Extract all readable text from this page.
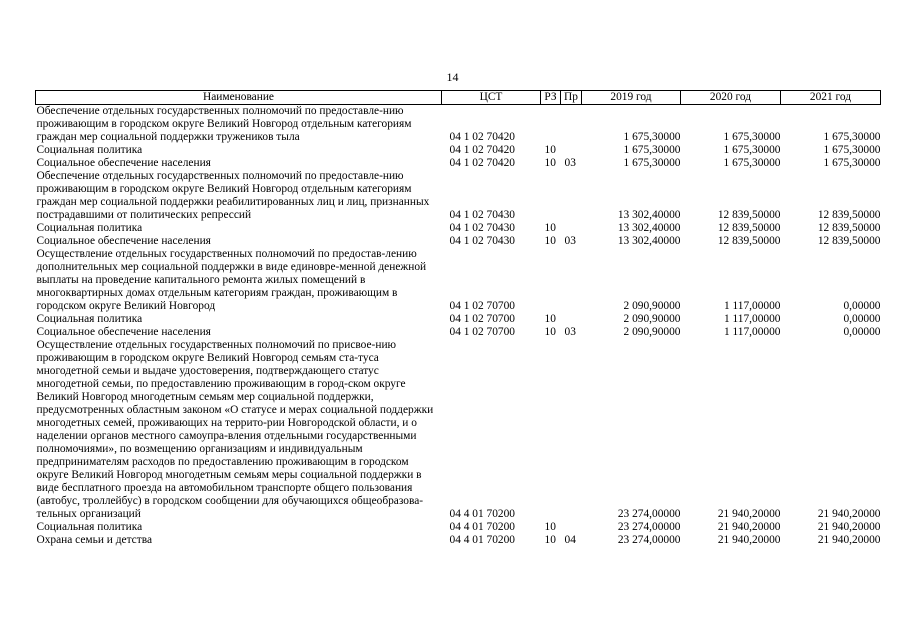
14
Наименование	ЦСТ	РЗ	Пр	2019 год	2020 год	2021 год
Обеспечение отдельных государственных полномочий по предоставле-нию проживающим в городском округе Великий Новгород отдельным категориям граждан мер социальной поддержки тружеников тыла	04 1 02 70420			1 675,30000	1 675,30000	1 675,30000
Социальная политика	04 1 02 70420	10		1 675,30000	1 675,30000	1 675,30000
Социальное обеспечение населения	04 1 02 70420	10	03	1 675,30000	1 675,30000	1 675,30000
Обеспечение отдельных государственных полномочий по предоставле-нию проживающим в городском округе Великий Новгород отдельным категориям граждан мер социальной поддержки реабилитированных лиц и лиц, признанных пострадавшими от политических репрессий	04 1 02 70430			13 302,40000	12 839,50000	12 839,50000
Социальная политика	04 1 02 70430	10		13 302,40000	12 839,50000	12 839,50000
Социальное обеспечение населения	04 1 02 70430	10	03	13 302,40000	12 839,50000	12 839,50000
Осуществление отдельных государственных полномочий по предостав-лению дополнительных мер социальной поддержки в виде единовре-менной денежной выплаты на проведение капитального ремонта жилых помещений в многоквартирных домах отдельным категориям граждан, проживающим в городском округе Великий Новгород	04 1 02 70700			2 090,90000	1 117,00000	0,00000
Социальная политика	04 1 02 70700	10		2 090,90000	1 117,00000	0,00000
Социальное обеспечение населения	04 1 02 70700	10	03	2 090,90000	1 117,00000	0,00000
Осуществление отдельных государственных полномочий по присвое-нию проживающим в городском округе Великий Новгород семьям ста-туса многодетной семьи и выдаче удостоверения, подтверждающего статус многодетной семьи, по предоставлению проживающим в город-ском округе Великий Новгород многодетным семьям мер социальной поддержки, предусмотренных областным законом «О статусе и мерах социальной поддержки многодетных семей, проживающих на террито-рии Новгородской области, и о наделении органов местного самоупра-вления отдельными государственными полномочиями», по возмещению организациям и индивидуальным предпринимателям расходов по предоставлению проживающим в городском округе Великий Новгород многодетным семьям меры социальной поддержки в виде бесплатного проезда на автомобильном транспорте общего пользования (автобус, троллейбус) в городском сообщении для обучающихся общеобразова-тельных организаций	04 4 01 70200			23 274,00000	21 940,20000	21 940,20000
Социальная политика	04 4 01 70200	10		23 274,00000	21 940,20000	21 940,20000
Охрана семьи и детства	04 4 01 70200	10	04	23 274,00000	21 940,20000	21 940,20000
